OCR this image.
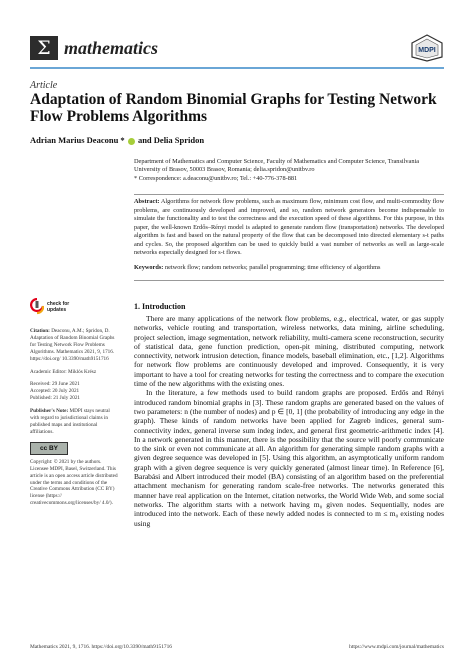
Σ mathematics	MDPI
Article
Adaptation of Random Binomial Graphs for Testing Network Flow Problems Algorithms
Adrian Marius Deaconu * and Delia Spridon
Department of Mathematics and Computer Science, Faculty of Mathematics and Computer Science, Transilvania University of Brasov, 50003 Brasov, Romania; delia.spridon@unitbv.ro
* Correspondence: a.deaconu@unitbv.ro; Tel.: +40-776-378-881
Abstract: Algorithms for network flow problems, such as maximum flow, minimum cost flow, and multi-commodity flow problems, are continuously developed and improved, and so, random network generators become indispensable to simulate the functionality and to test the correctness and the execution speed of these algorithms. For this purpose, in this paper, the well-known Erdős–Rényi model is adapted to generate random flow (transportation) networks. The developed algorithm is fast and based on the natural property of the flow that can be decomposed into directed elementary s-t paths and cycles. So, the proposed algorithm can be used to quickly build a vast number of networks as well as large-scale networks especially designed for s-t flows.
Keywords: network flow; random networks; parallel programming; time efficiency of algorithms
check for
updates
Citation: Deaconu, A.M.; Spridon, D. Adaptation of Random Binomial Graphs for Testing Network Flow Problems Algorithms. Mathematics 2021, 9, 1716. https://doi.org/ 10.3390/math9151716
Academic Editor: Miklós Krész
Received: 29 June 2021
Accepted: 20 July 2021
Published: 21 July 2021
Publisher's Note: MDPI stays neutral with regard to jurisdictional claims in published maps and institutional affiliations.
cc BY
Copyright: © 2021 by the authors. Licensee MDPI, Basel, Switzerland. This article is an open access article distributed under the terms and conditions of the Creative Commons Attribution (CC BY) license (https:// creativecommons.org/licenses/by/ 4.0/).
1. Introduction

There are many applications of the network flow problems, e.g., electrical, water, or gas supply networks, vehicle routing and transportation, wireless networks, data mining, airline scheduling, project selection, image segmentation, network reliability, multi-camera scene reconstruction, security of statistical data, gene function prediction, open-pit mining, distributed computing, network connectivity, network intrusion detection, finance models, baseball elimination, etc., [1,2]. Algorithms for network flow problems are continuously developed and improved. Consequently, it is very important to have a tool for creating networks for testing the correctness and to compare the execution time of the new algorithms with the existing ones.

In the literature, a few methods used to build random graphs are proposed. Erdős and Rényi introduced random binomial graphs in [3]. These random graphs are generated based on the values of two parameters: n (the number of nodes) and p ∈ [0, 1] (the probability of introducing any edge in the graph). These kinds of random networks have been applied for Zagreb indices, general sum-connectivity index, general inverse sum indeg index, and general first geometric-arithmetic index [4]. In a network generated in this manner, there is the possibility that the source will poorly communicate to the sink or even not communicate at all. An algorithm for generating simple random graphs with a given degree sequence was developed in [5]. Using this algorithm, an asymptotically uniform random graph with a given degree sequence is very quickly generated (almost linear time). In Reference [6], Barabási and Albert introduced their model (BA) consisting of an algorithm based on the preferential attachment mechanism for generating random scale-free networks. The networks generated this manner have real application on the Internet, citation networks, the World Wide Web, and some social networks. The algorithm starts with a network having m₀ given nodes. Sequentially, nodes are introduced into the network. Each of these newly added nodes is connected to m ≤ m₀ existing nodes using

Mathematics 2021, 9, 1716. https://doi.org/10.3390/math9151716	https://www.mdpi.com/journal/mathematics
